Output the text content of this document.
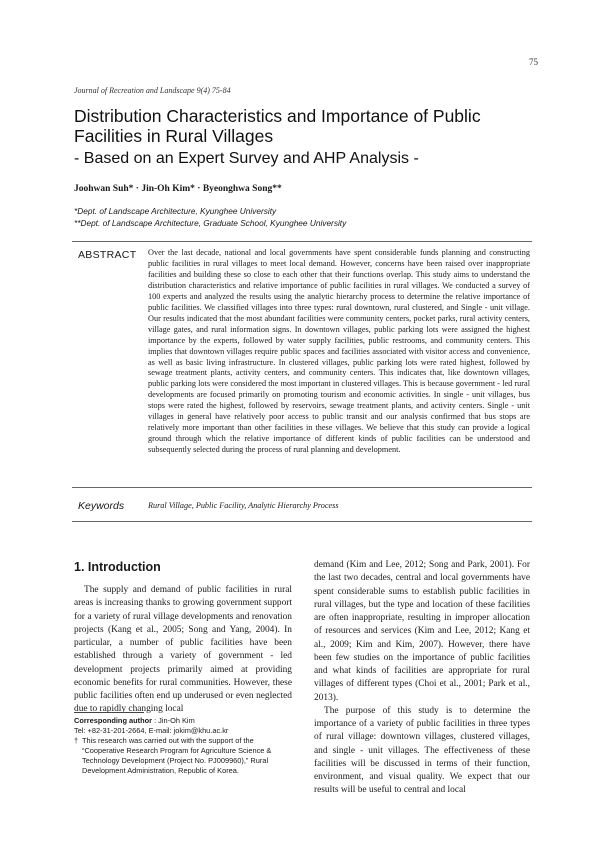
75
Journal of Recreation and Landscape 9(4) 75-84
Distribution Characteristics and Importance of Public Facilities in Rural Villages
- Based on an Expert Survey and AHP Analysis -
Joohwan Suh* · Jin-Oh Kim* · Byeonghwa Song**
*Dept. of Landscape Architecture, Kyunghee University
**Dept. of Landscape Architecture, Graduate School, Kyunghee University
ABSTRACT Over the last decade, national and local governments have spent considerable funds planning and constructing public facilities in rural villages to meet local demand. However, concerns have been raised over inappropriate facilities and building these so close to each other that their functions overlap. This study aims to understand the distribution characteristics and relative importance of public facilities in rural villages. We conducted a survey of 100 experts and analyzed the results using the analytic hierarchy process to determine the relative importance of public facilities. We classified villages into three types: rural downtown, rural clustered, and Single - unit village. Our results indicated that the most abundant facilities were community centers, pocket parks, rural activity centers, village gates, and rural information signs. In downtown villages, public parking lots were assigned the highest importance by the experts, followed by water supply facilities, public restrooms, and community centers. This implies that downtown villages require public spaces and facilities associated with visitor access and convenience, as well as basic living infrastructure. In clustered villages, public parking lots were rated highest, followed by sewage treatment plants, activity centers, and community centers. This indicates that, like downtown villages, public parking lots were considered the most important in clustered villages. This is because government - led rural developments are focused primarily on promoting tourism and economic activities. In single - unit villages, bus stops were rated the highest, followed by reservoirs, sewage treatment plants, and activity centers. Single - unit villages in general have relatively poor access to public transit and our analysis confirmed that bus stops are relatively more important than other facilities in these villages. We believe that this study can provide a logical ground through which the relative importance of different kinds of public facilities can be understood and subsequently selected during the process of rural planning and development.
Keywords	Rural Village, Public Facility, Analytic Hierarchy Process
1. Introduction

The supply and demand of public facilities in rural areas is increasing thanks to growing government support for a variety of rural village developments and renovation projects (Kang et al., 2005; Song and Yang, 2004). In particular, a number of public facilities have been established through a variety of government - led development projects primarily aimed at providing economic benefits for rural communities. However, these public facilities often end up underused or even neglected due to rapidly changing local

demand (Kim and Lee, 2012; Song and Park, 2001). For the last two decades, central and local governments have spent considerable sums to establish public facilities in rural villages, but the type and location of these facilities are often inappropriate, resulting in improper allocation of resources and services (Kim and Lee, 2012; Kang et al., 2009; Kim and Kim, 2007). However, there have been few studies on the importance of public facilities and what kinds of facilities are appropriate for rural villages of different types (Choi et al., 2001; Park et al., 2013).

The purpose of this study is to determine the importance of a variety of public facilities in three types of rural village: downtown villages, clustered villages, and single - unit villages. The effectiveness of these facilities will be discussed in terms of their function, environment, and visual quality. We expect that our results will be useful to central and local

Corresponding author : Jin-Oh Kim
Tel: +82-31-201-2664, E-mail: jokim@khu.ac.kr
† This research was carried out with the support of the “Cooperative Research Program for Agriculture Science & Technology Development (Project No. PJ009960),” Rural Development Administration, Republic of Korea.
